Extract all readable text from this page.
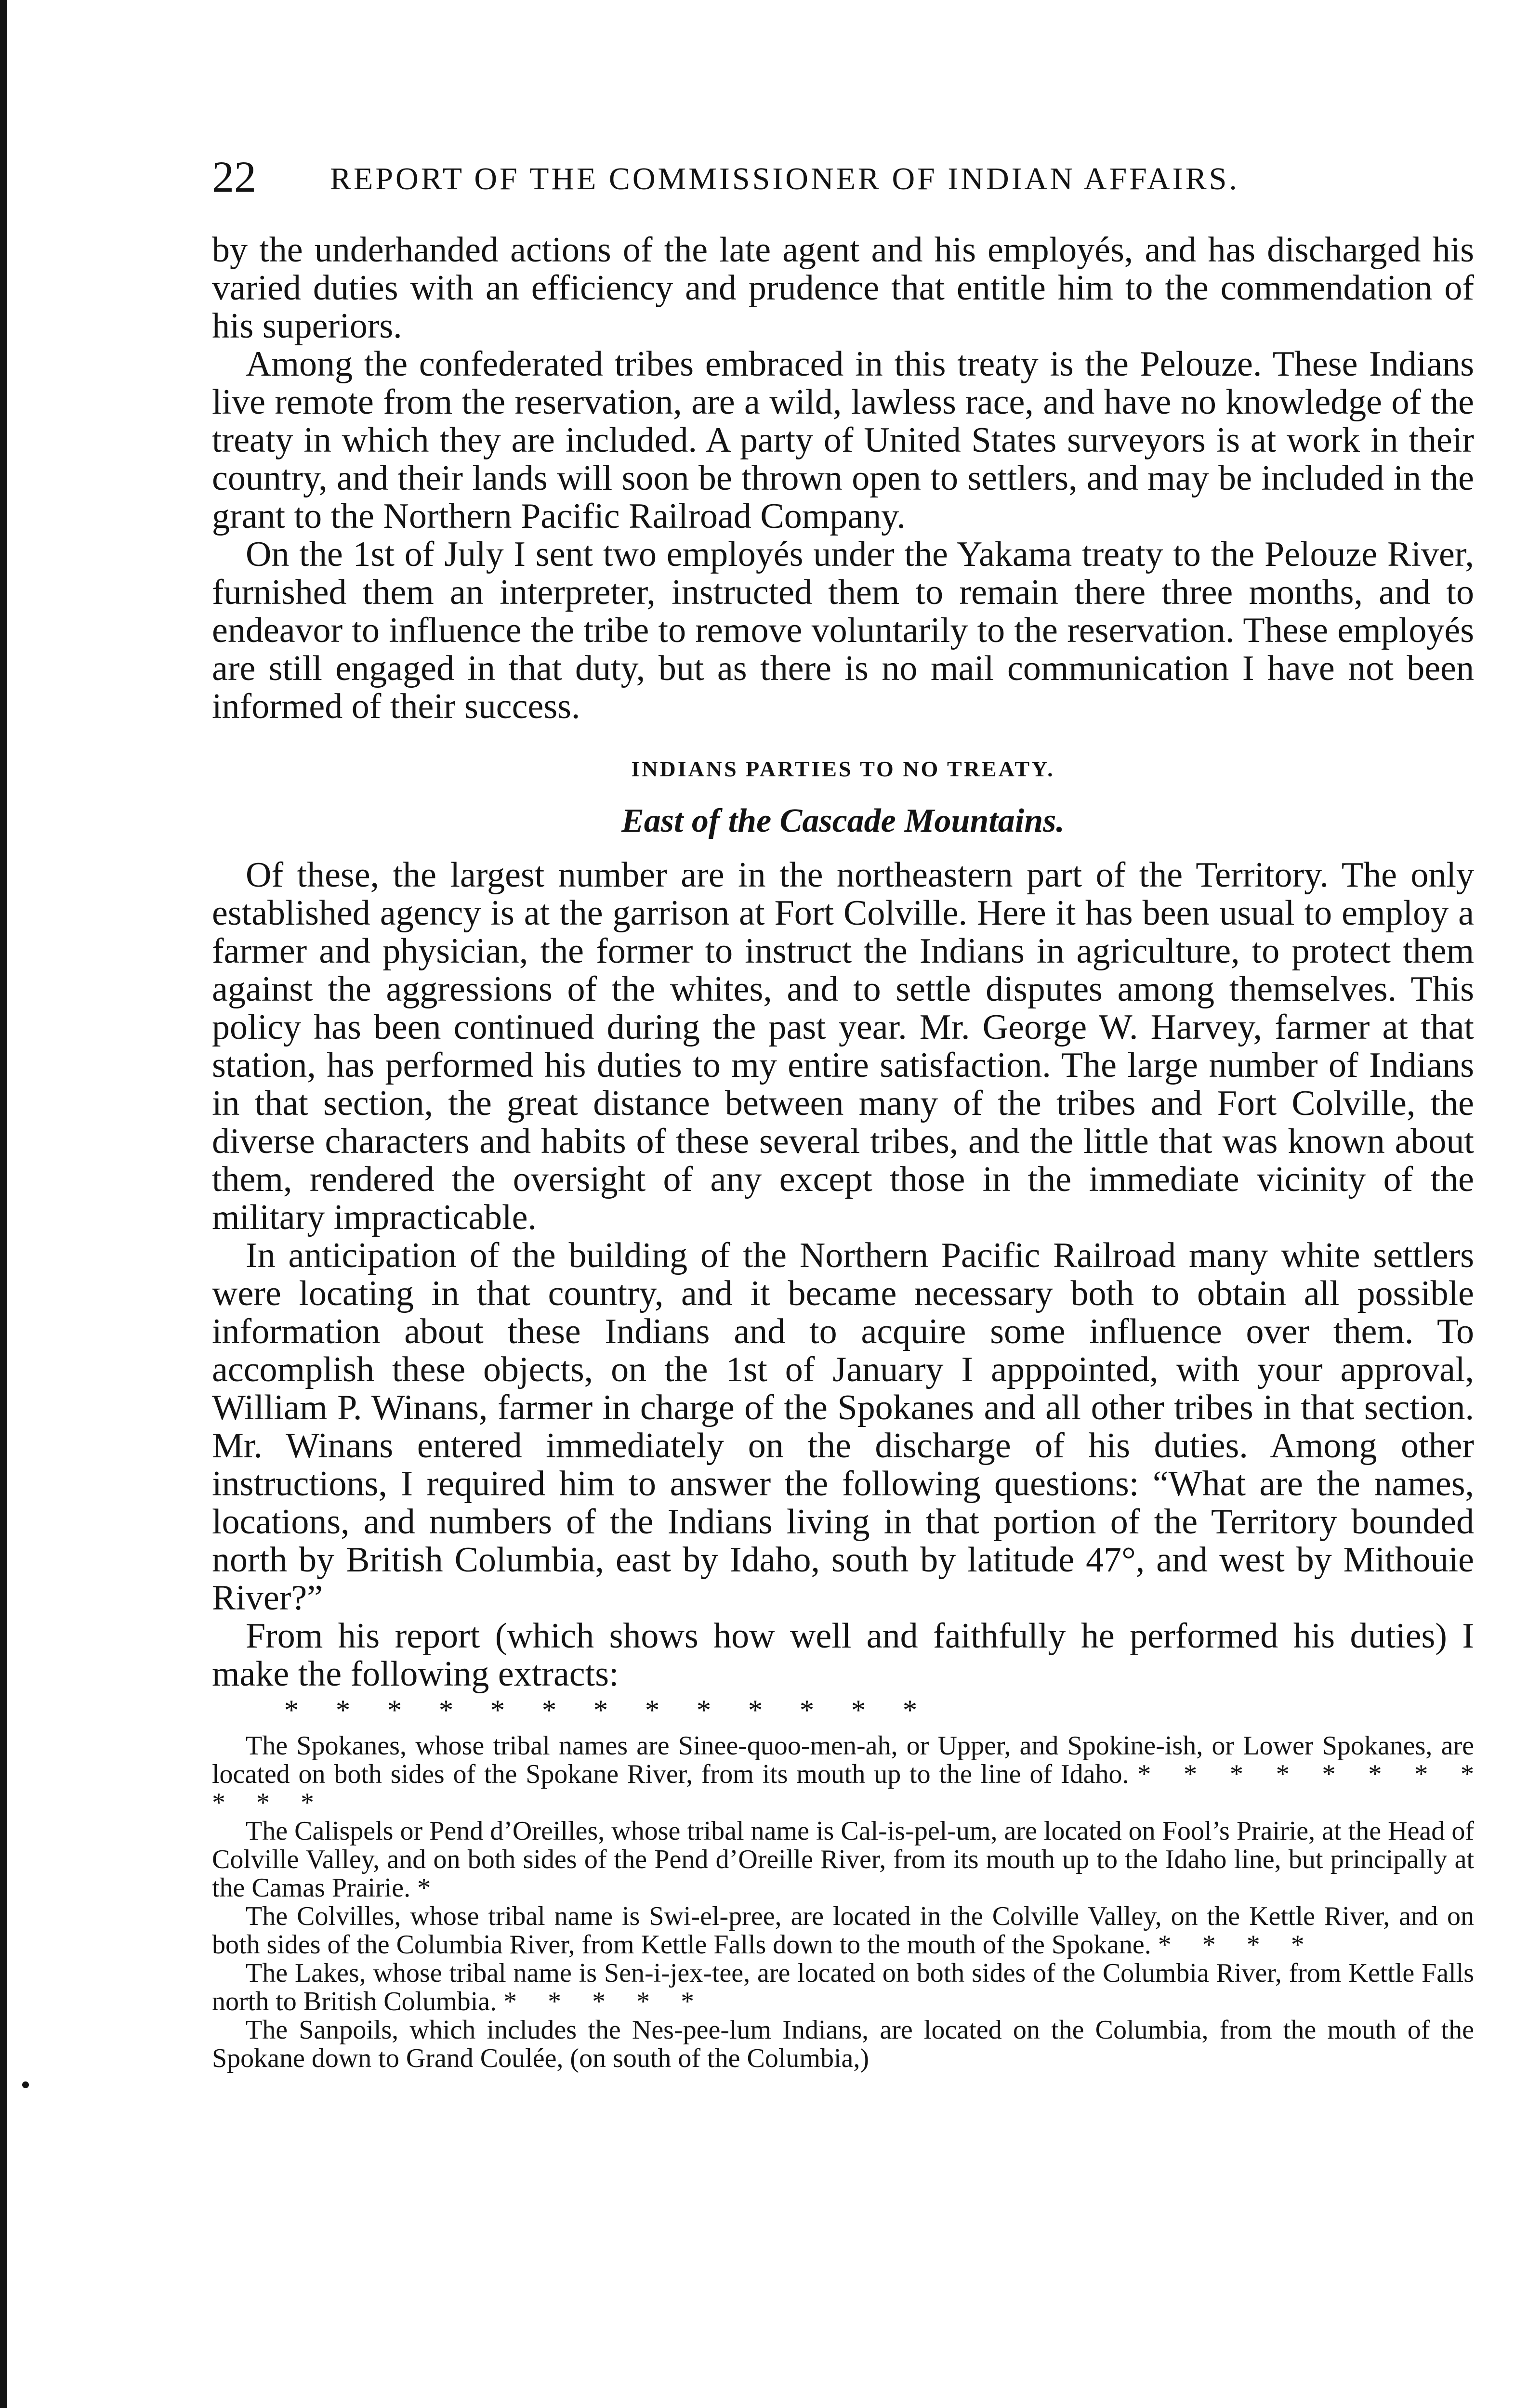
22 REPORT OF THE COMMISSIONER OF INDIAN AFFAIRS.

by the underhanded actions of the late agent and his employés, and has discharged his varied duties with an efficiency and prudence that entitle him to the commendation of his superiors.

Among the confederated tribes embraced in this treaty is the Pelouze. These Indians live remote from the reservation, are a wild, lawless race, and have no knowledge of the treaty in which they are included. A party of United States surveyors is at work in their country, and their lands will soon be thrown open to settlers, and may be included in the grant to the Northern Pacific Railroad Company.

On the 1st of July I sent two employés under the Yakama treaty to the Pelouze River, furnished them an interpreter, instructed them to remain there three months, and to endeavor to influence the tribe to remove voluntarily to the reservation. These employés are still engaged in that duty, but as there is no mail communication I have not been informed of their success.

INDIANS PARTIES TO NO TREATY.
East of the Cascade Mountains.

Of these, the largest number are in the northeastern part of the Territory. The only established agency is at the garrison at Fort Colville. Here it has been usual to employ a farmer and physician, the former to instruct the Indians in agriculture, to protect them against the aggressions of the whites, and to settle disputes among themselves. This policy has been continued during the past year. Mr. George W. Harvey, farmer at that station, has performed his duties to my entire satisfaction. The large number of Indians in that section, the great distance between many of the tribes and Fort Colville, the diverse characters and habits of these several tribes, and the little that was known about them, rendered the oversight of any except those in the immediate vicinity of the military impracticable.

In anticipation of the building of the Northern Pacific Railroad many white settlers were locating in that country, and it became necessary both to obtain all possible information about these Indians and to acquire some influence over them. To accomplish these objects, on the 1st of January I apppointed, with your approval, William P. Winans, farmer in charge of the Spokanes and all other tribes in that section. Mr. Winans entered immediately on the discharge of his duties. Among other instructions, I required him to answer the following questions: “What are the names, locations, and numbers of the Indians living in that portion of the Territory bounded north by British Columbia, east by Idaho, south by latitude 47°, and west by Mithouie River?”

From his report (which shows how well and faithfully he performed his duties) I make the following extracts:

* * * * * * * * * * * * *

The Spokanes, whose tribal names are Sinee-quoo-men-ah, or Upper, and Spokine-ish, or Lower Spokanes, are located on both sides of the Spokane River, from its mouth up to the line of Idaho. * * * * * * * * * * *

The Calispels or Pend d’Oreilles, whose tribal name is Cal-is-pel-um, are located on Fool’s Prairie, at the Head of Colville Valley, and on both sides of the Pend d’Oreille River, from its mouth up to the Idaho line, but principally at the Camas Prairie. *

The Colvilles, whose tribal name is Swi-el-pree, are located in the Colville Valley, on the Kettle River, and on both sides of the Columbia River, from Kettle Falls down to the mouth of the Spokane. * * * *

The Lakes, whose tribal name is Sen-i-jex-tee, are located on both sides of the Columbia River, from Kettle Falls north to British Columbia. * * * * *

The Sanpoils, which includes the Nes-pee-lum Indians, are located on the Columbia, from the mouth of the Spokane down to Grand Coulée, (on south of the Columbia,)
